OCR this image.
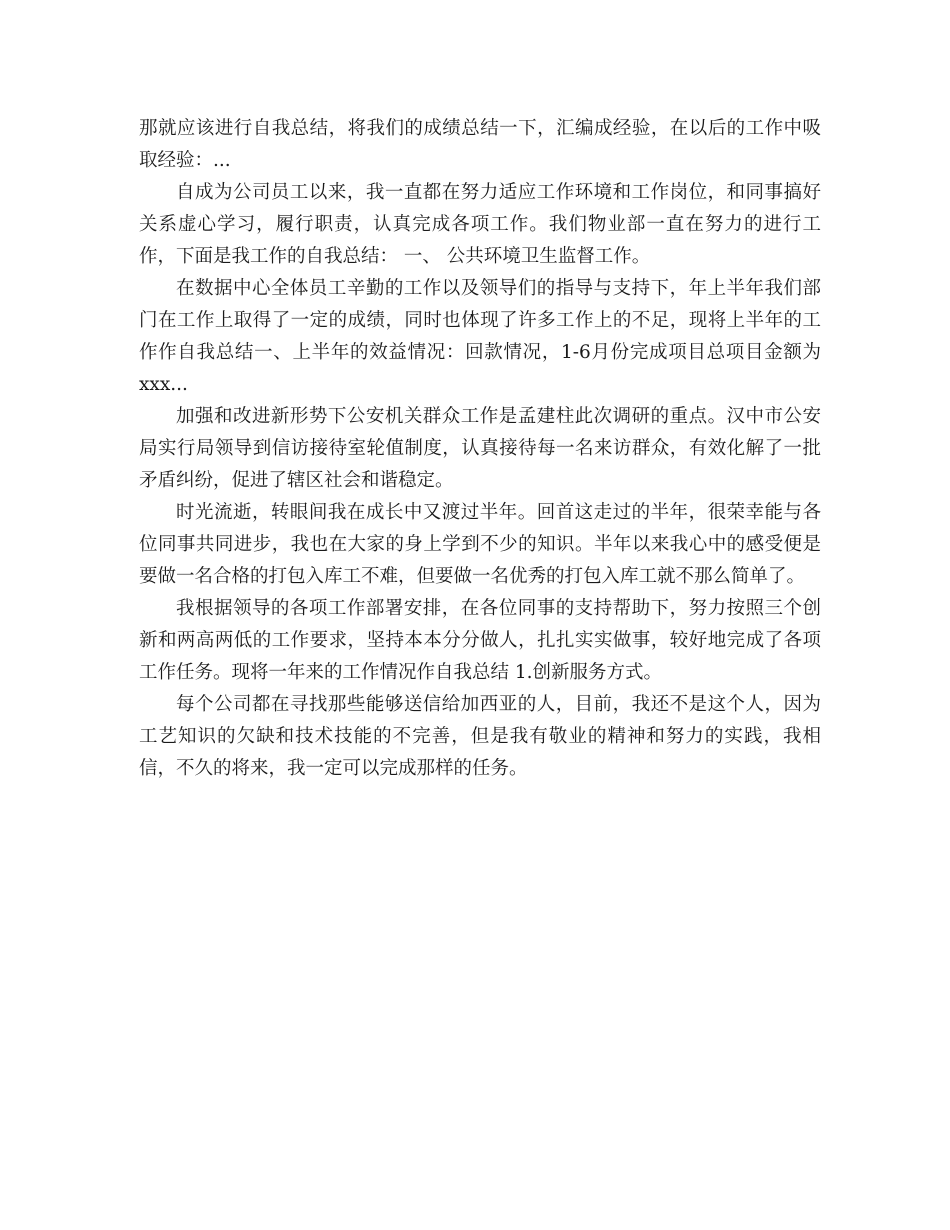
那就应该进行自我总结，将我们的成绩总结一下，汇编成经验，在以后的工作中吸取经验：...

自成为公司员工以来，我一直都在努力适应工作环境和工作岗位，和同事搞好关系虚心学习，履行职责，认真完成各项工作。我们物业部一直在努力的进行工作，下面是我工作的自我总结： 一、 公共环境卫生监督工作。

在数据中心全体员工辛勤的工作以及领导们的指导与支持下，年上半年我们部门在工作上取得了一定的成绩，同时也体现了许多工作上的不足，现将上半年的工作作自我总结一、上半年的效益情况：回款情况，1-6月份完成项目总项目金额为xxx...

加强和改进新形势下公安机关群众工作是孟建柱此次调研的重点。汉中市公安局实行局领导到信访接待室轮值制度，认真接待每一名来访群众，有效化解了一批矛盾纠纷，促进了辖区社会和谐稳定。

时光流逝，转眼间我在成长中又渡过半年。回首这走过的半年，很荣幸能与各位同事共同进步，我也在大家的身上学到不少的知识。半年以来我心中的感受便是要做一名合格的打包入库工不难，但要做一名优秀的打包入库工就不那么简单了。

我根据领导的各项工作部署安排，在各位同事的支持帮助下，努力按照三个创新和两高两低的工作要求，坚持本本分分做人，扎扎实实做事，较好地完成了各项工作任务。现将一年来的工作情况作自我总结 1.创新服务方式。

每个公司都在寻找那些能够送信给加西亚的人，目前，我还不是这个人，因为工艺知识的欠缺和技术技能的不完善，但是我有敬业的精神和努力的实践，我相信，不久的将来，我一定可以完成那样的任务。
